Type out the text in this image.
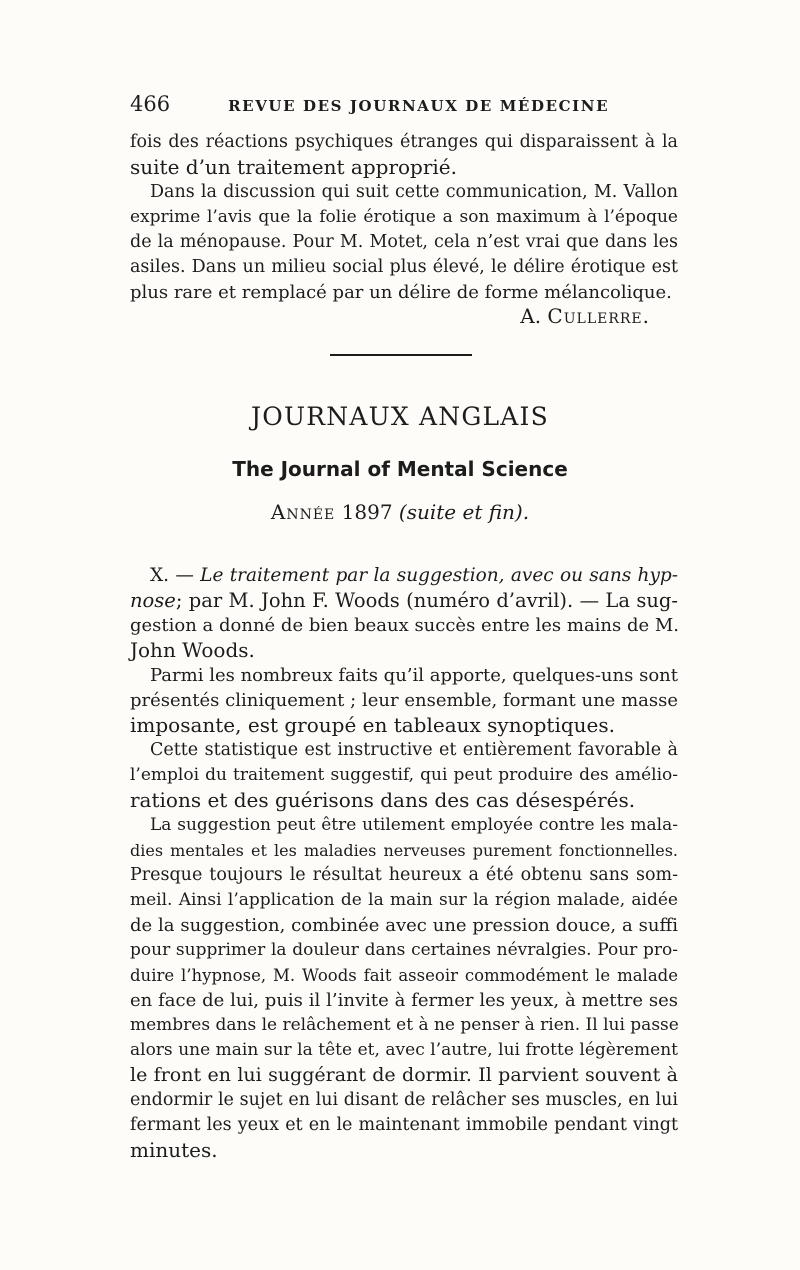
466	REVUE DES JOURNAUX DE MÉDECINE
fois des réactions psychiques étranges qui disparaissent à la
suite d’un traitement approprié.
Dans la discussion qui suit cette communication, M. Vallon
exprime l’avis que la folie érotique a son maximum à l’époque
de la ménopause. Pour M. Motet, cela n’est vrai que dans les
asiles. Dans un milieu social plus élevé, le délire érotique est
plus rare et remplacé par un délire de forme mélancolique.
A. Cullerre.
JOURNAUX ANGLAIS
The Journal of Mental Science
Année 1897 (suite et fin).
X. — Le traitement par la suggestion, avec ou sans hyp-
nose; par M. John F. Woods (numéro d’avril). — La sug-
gestion a donné de bien beaux succès entre les mains de M.
John Woods.
Parmi les nombreux faits qu’il apporte, quelques-uns sont
présentés cliniquement ; leur ensemble, formant une masse
imposante, est groupé en tableaux synoptiques.
Cette statistique est instructive et entièrement favorable à
l’emploi du traitement suggestif, qui peut produire des amélio-
rations et des guérisons dans des cas désespérés.
La suggestion peut être utilement employée contre les mala-
dies mentales et les maladies nerveuses purement fonctionnelles.
Presque toujours le résultat heureux a été obtenu sans som-
meil. Ainsi l’application de la main sur la région malade, aidée
de la suggestion, combinée avec une pression douce, a suffi
pour supprimer la douleur dans certaines névralgies. Pour pro-
duire l’hypnose, M. Woods fait asseoir commodément le malade
en face de lui, puis il l’invite à fermer les yeux, à mettre ses
membres dans le relâchement et à ne penser à rien. Il lui passe
alors une main sur la tête et, avec l’autre, lui frotte légèrement
le front en lui suggérant de dormir. Il parvient souvent à
endormir le sujet en lui disant de relâcher ses muscles, en lui
fermant les yeux et en le maintenant immobile pendant vingt
minutes.
